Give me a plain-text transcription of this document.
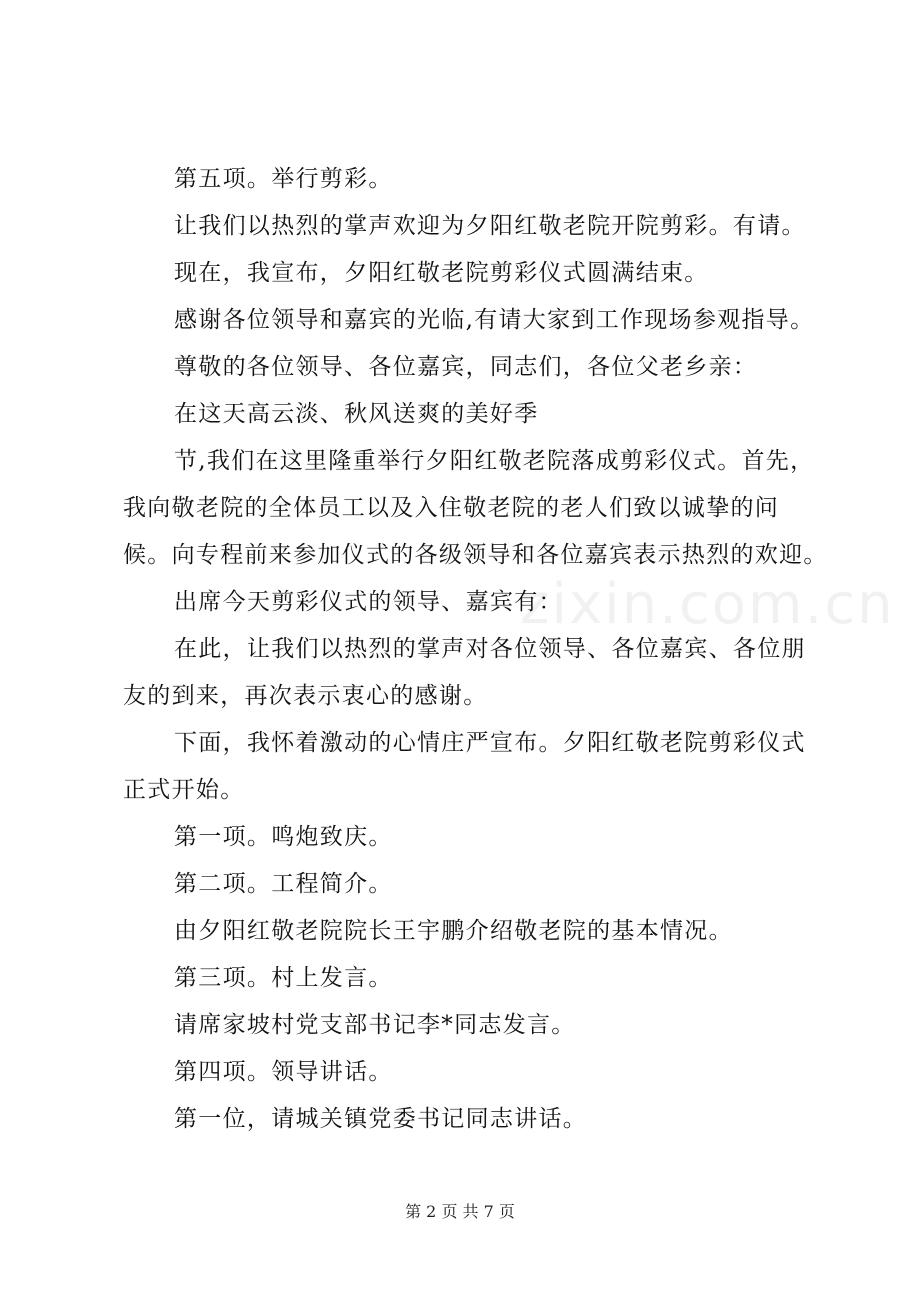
zixin.com.cn
第五项。举行剪彩。
让我们以热烈的掌声欢迎为夕阳红敬老院开院剪彩。有请。
现在，我宣布，夕阳红敬老院剪彩仪式圆满结束。
感谢各位领导和嘉宾的光临,有请大家到工作现场参观指导。
尊敬的各位领导、各位嘉宾，同志们，各位父老乡亲：
在这天高云淡、秋风送爽的美好季
节,我们在这里隆重举行夕阳红敬老院落成剪彩仪式。首先，
我向敬老院的全体员工以及入住敬老院的老人们致以诚挚的问
候。向专程前来参加仪式的各级领导和各位嘉宾表示热烈的欢迎。
出席今天剪彩仪式的领导、嘉宾有：
在此，让我们以热烈的掌声对各位领导、各位嘉宾、各位朋
友的到来，再次表示衷心的感谢。
下面，我怀着激动的心情庄严宣布。夕阳红敬老院剪彩仪式
正式开始。
第一项。鸣炮致庆。
第二项。工程简介。
由夕阳红敬老院院长王宇鹏介绍敬老院的基本情况。
第三项。村上发言。
请席家坡村党支部书记李*同志发言。
第四项。领导讲话。
第一位，请城关镇党委书记同志讲话。
第 2 页 共 7 页
